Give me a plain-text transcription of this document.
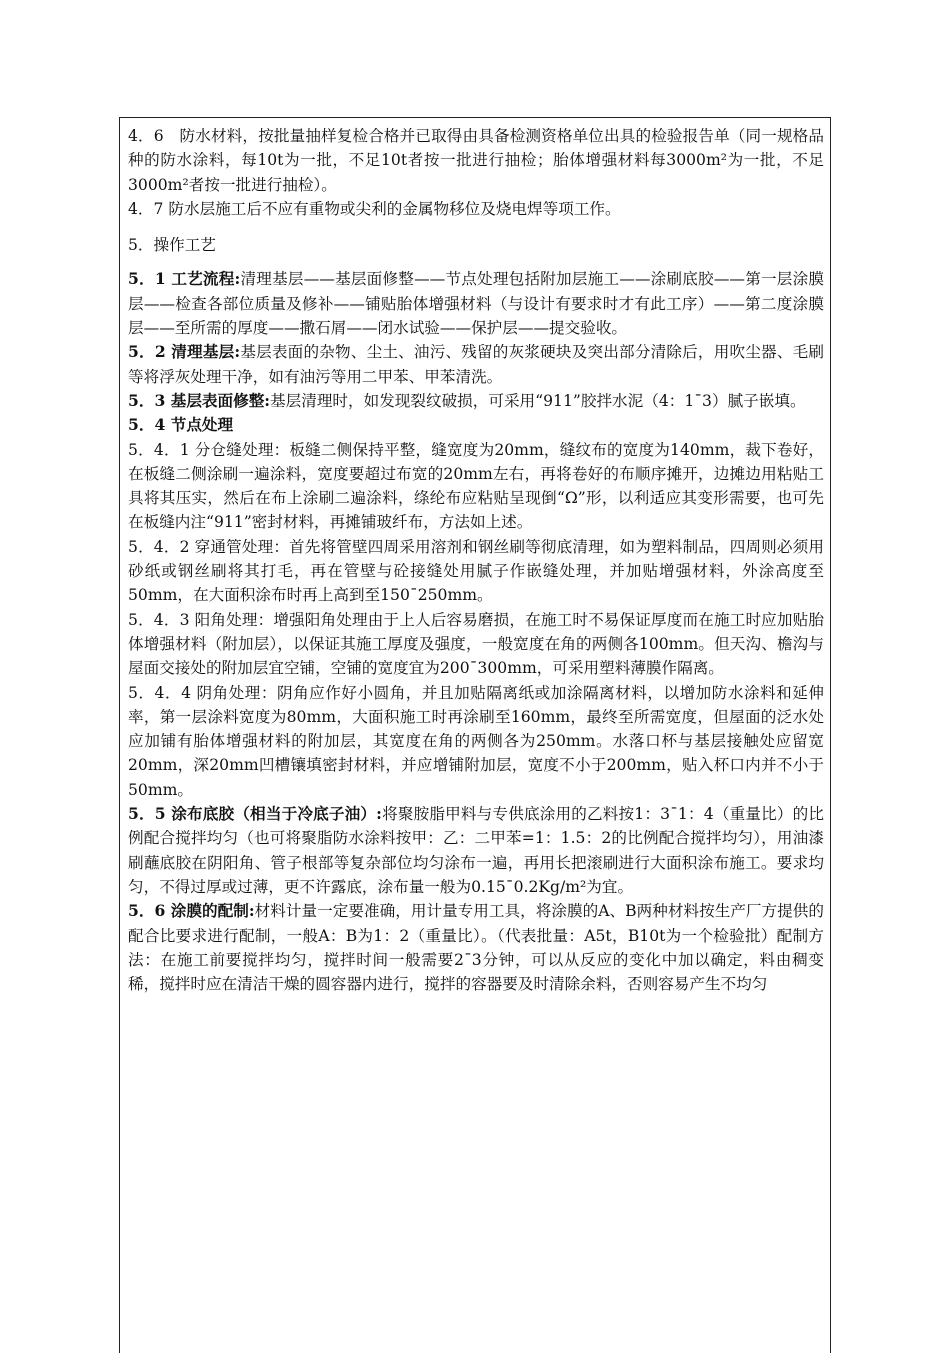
4．6　防水材料，按批量抽样复检合格并已取得由具备检测资格单位出具的检验报告单（同一规格品种的防水涂料，每10t为一批，不足10t者按一批进行抽检；胎体增强材料每3000m²为一批，不足3000m²者按一批进行抽检）。

4．7 防水层施工后不应有重物或尖利的金属物移位及烧电焊等项工作。

5．操作工艺

5．1 工艺流程:清理基层——基层面修整——节点处理包括附加层施工——涂刷底胶——第一层涂膜层——检查各部位质量及修补——铺贴胎体增强材料（与设计有要求时才有此工序）——第二度涂膜层——至所需的厚度——撒石屑——闭水试验——保护层——提交验收。

5．2 清理基层:基层表面的杂物、尘土、油污、残留的灰浆硬块及突出部分清除后，用吹尘器、毛刷等将浮灰处理干净，如有油污等用二甲苯、甲苯清洗。

5．3 基层表面修整:基层清理时，如发现裂纹破损，可采用“911”胶拌水泥（4：1¯3）腻子嵌填。

5．4 节点处理

5．4．1 分仓缝处理：板缝二侧保持平整，缝宽度为20mm，缝纹布的宽度为140mm，裁下卷好，在板缝二侧涂刷一遍涂料，宽度要超过布宽的20mm左右，再将卷好的布顺序摊开，边摊边用粘贴工具将其压实，然后在布上涂刷二遍涂料，绦纶布应粘贴呈现倒“Ω”形，以利适应其变形需要，也可先在板缝内注“911”密封材料，再摊铺玻纤布，方法如上述。

5．4．2 穿通管处理：首先将管壁四周采用溶剂和钢丝刷等彻底清理，如为塑料制品，四周则必须用砂纸或钢丝刷将其打毛，再在管壁与砼接缝处用腻子作嵌缝处理，并加贴增强材料，外涂高度至50mm，在大面积涂布时再上高到至150¯250mm。

5．4．3 阳角处理：增强阳角处理由于上人后容易磨损，在施工时不易保证厚度而在施工时应加贴胎体增强材料（附加层），以保证其施工厚度及强度，一般宽度在角的两侧各100mm。但天沟、檐沟与屋面交接处的附加层宜空铺，空铺的宽度宜为200¯300mm，可采用塑料薄膜作隔离。

5．4．4 阴角处理：阴角应作好小圆角，并且加贴隔离纸或加涂隔离材料，以增加防水涂料和延伸率，第一层涂料宽度为80mm，大面积施工时再涂刷至160mm，最终至所需宽度，但屋面的泛水处应加铺有胎体增强材料的附加层，其宽度在角的两侧各为250mm。水落口杯与基层接触处应留宽20mm，深20mm凹槽镶填密封材料，并应增铺附加层，宽度不小于200mm，贴入杯口内并不小于50mm。

5．5 涂布底胶（相当于冷底子油）:将聚胺脂甲料与专供底涂用的乙料按1：3¯1：4（重量比）的比例配合搅拌均匀（也可将聚脂防水涂料按甲：乙：二甲苯=1：1.5：2的比例配合搅拌均匀），用油漆刷蘸底胶在阴阳角、管子根部等复杂部位均匀涂布一遍，再用长把滚刷进行大面积涂布施工。要求均匀，不得过厚或过薄，更不许露底，涂布量一般为0.15¯0.2Kg/m²为宜。

5．6 涂膜的配制:材料计量一定要准确，用计量专用工具，将涂膜的A、B两种材料按生产厂方提供的配合比要求进行配制，一般A：B为1：2（重量比）。（代表批量：A5t，B10t为一个检验批）配制方法：在施工前要搅拌均匀，搅拌时间一般需要2¯3分钟，可以从反应的变化中加以确定，料由稠变稀，搅拌时应在清洁干燥的圆容器内进行，搅拌的容器要及时清除余料，否则容易产生不均匀
